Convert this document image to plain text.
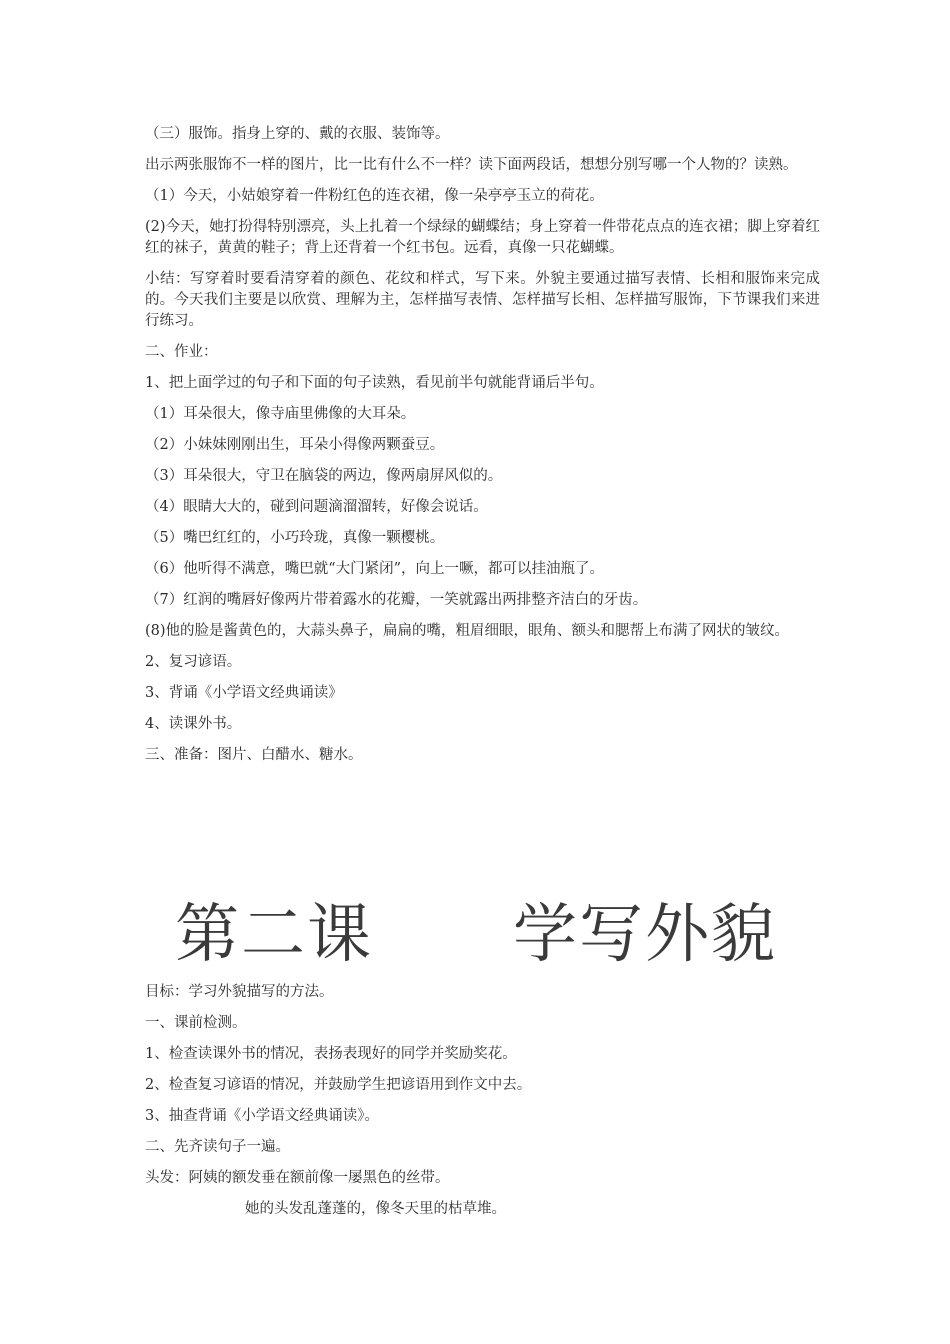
（三）服饰。指身上穿的、戴的衣服、装饰等。

出示两张服饰不一样的图片，比一比有什么不一样？读下面两段话，想想分别写哪一个人物的？读熟。

（1）今天，小姑娘穿着一件粉红色的连衣裙，像一朵亭亭玉立的荷花。

(2)今天，她打扮得特别漂亮，头上扎着一个绿绿的蝴蝶结；身上穿着一件带花点点的连衣裙；脚上穿着红红的袜子，黄黄的鞋子；背上还背着一个红书包。远看，真像一只花蝴蝶。

小结：写穿着时要看清穿着的颜色、花纹和样式，写下来。外貌主要通过描写表情、长相和服饰来完成的。今天我们主要是以欣赏、理解为主，怎样描写表情、怎样描写长相、怎样描写服饰，下节课我们来进行练习。

二、作业：

1、把上面学过的句子和下面的句子读熟，看见前半句就能背诵后半句。

（1）耳朵很大，像寺庙里佛像的大耳朵。

（2）小妹妹刚刚出生，耳朵小得像两颗蚕豆。

（3）耳朵很大，守卫在脑袋的两边，像两扇屏风似的。

（4）眼睛大大的，碰到问题滴溜溜转，好像会说话。

（5）嘴巴红红的，小巧玲珑，真像一颗樱桃。

（6）他听得不满意，嘴巴就“大门紧闭”，向上一噘，都可以挂油瓶了。

（7）红润的嘴唇好像两片带着露水的花瓣，一笑就露出两排整齐洁白的牙齿。

(8)他的脸是酱黄色的，大蒜头鼻子，扁扁的嘴，粗眉细眼，眼角、额头和腮帮上布满了网状的皱纹。

2、复习谚语。

3、背诵《小学语文经典诵读》

4、读课外书。

三、准备：图片、白醋水、糖水。

第二课 学写外貌

目标：学习外貌描写的方法。

一、课前检测。

1、检查读课外书的情况，表扬表现好的同学并奖励奖花。

2、检查复习谚语的情况，并鼓励学生把谚语用到作文中去。

3、抽查背诵《小学语文经典诵读》。

二、先齐读句子一遍。

头发：阿姨的额发垂在额前像一屡黑色的丝带。

她的头发乱蓬蓬的，像冬天里的枯草堆。
